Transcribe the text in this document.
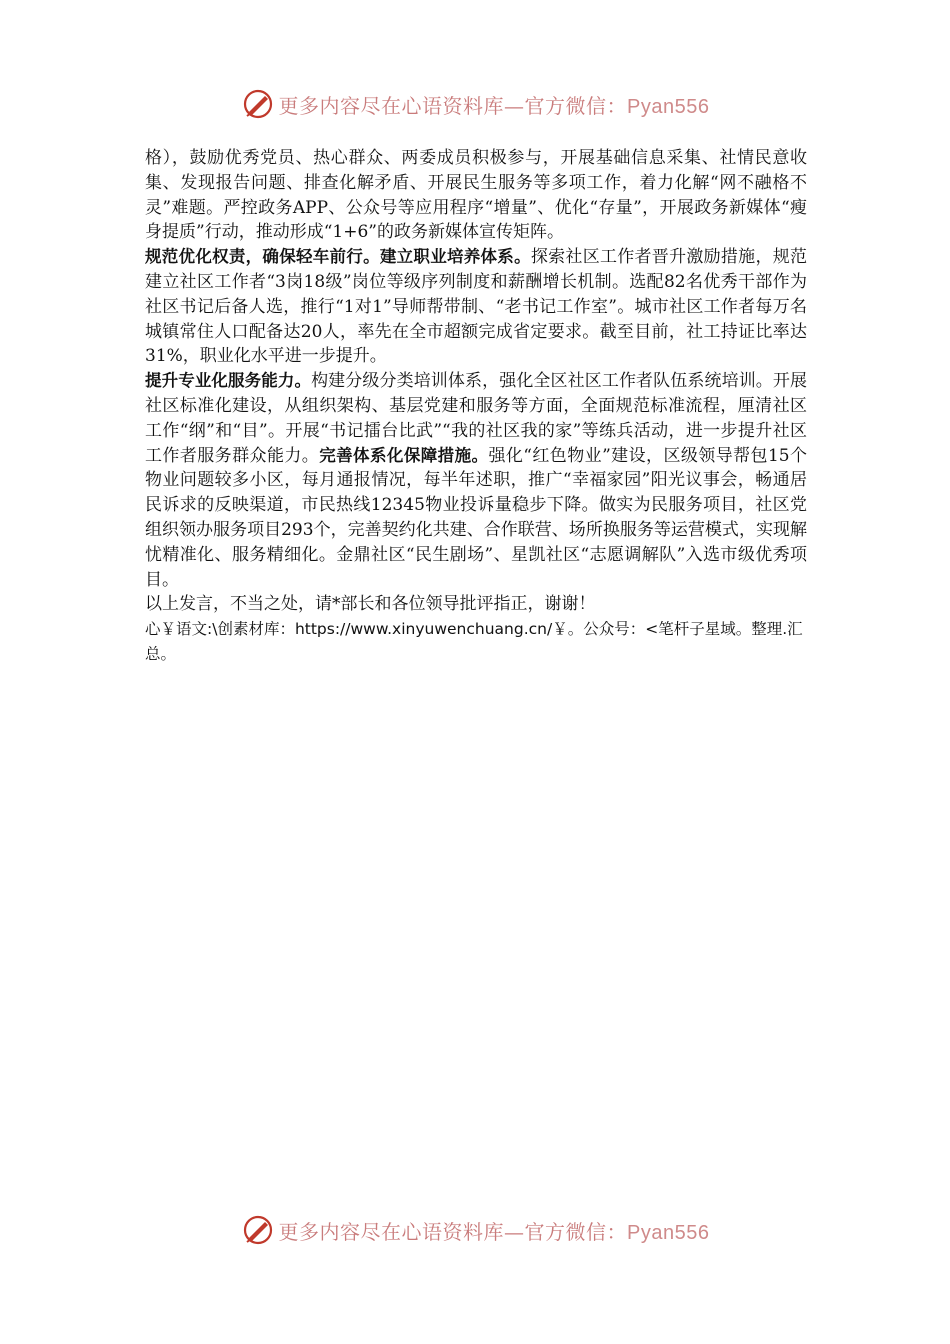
更多内容尽在心语资料库—官方微信：Pyan556

格），鼓励优秀党员、热心群众、两委成员积极参与，开展基础信息采集、社情民意收集、发现报告问题、排查化解矛盾、开展民生服务等多项工作，着力化解“网不融格不灵”难题。严控政务APP、公众号等应用程序“增量”、优化“存量”，开展政务新媒体“瘦身提质”行动，推动形成“1+6”的政务新媒体宣传矩阵。

规范优化权责，确保轻车前行。建立职业培养体系。探索社区工作者晋升激励措施，规范建立社区工作者“3岗18级”岗位等级序列制度和薪酬增长机制。选配82名优秀干部作为社区书记后备人选，推行“1对1”导师帮带制、“老书记工作室”。城市社区工作者每万名城镇常住人口配备达20人，率先在全市超额完成省定要求。截至目前，社工持证比率达31%，职业化水平进一步提升。

提升专业化服务能力。构建分级分类培训体系，强化全区社区工作者队伍系统培训。开展社区标准化建设，从组织架构、基层党建和服务等方面，全面规范标准流程，厘清社区工作“纲”和“目”。开展“书记擂台比武”“我的社区我的家”等练兵活动，进一步提升社区工作者服务群众能力。完善体系化保障措施。强化“红色物业”建设，区级领导帮包15个物业问题较多小区，每月通报情况，每半年述职，推广“幸福家园”阳光议事会，畅通居民诉求的反映渠道，市民热线12345物业投诉量稳步下降。做实为民服务项目，社区党组织领办服务项目293个，完善契约化共建、合作联营、场所换服务等运营模式，实现解忧精准化、服务精细化。金鼎社区“民生剧场”、星凯社区“志愿调解队”入选市级优秀项目。

以上发言，不当之处，请*部长和各位领导批评指正，谢谢！

心￥语文:\创素材库：https://www.xinyuwenchuang.cn/￥。公众号：<笔杆子星域。整理.汇总。

更多内容尽在心语资料库—官方微信：Pyan556
